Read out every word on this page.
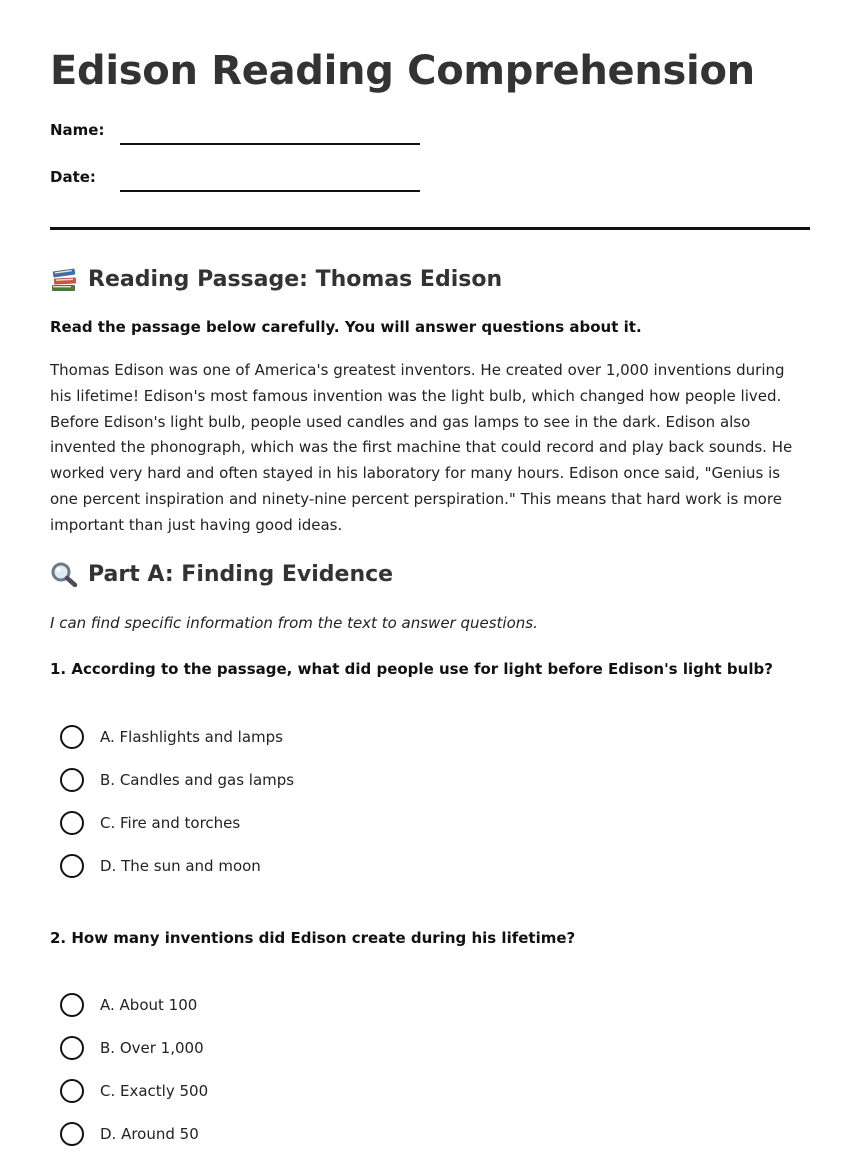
Edison Reading Comprehension
Name:
Date:
Reading Passage: Thomas Edison
Read the passage below carefully. You will answer questions about it.

Thomas Edison was one of America's greatest inventors. He created over 1,000 inventions during his lifetime! Edison's most famous invention was the light bulb, which changed how people lived. Before Edison's light bulb, people used candles and gas lamps to see in the dark. Edison also invented the phonograph, which was the first machine that could record and play back sounds. He worked very hard and often stayed in his laboratory for many hours. Edison once said, "Genius is one percent inspiration and ninety-nine percent perspiration." This means that hard work is more important than just having good ideas.

Part A: Finding Evidence
I can find specific information from the text to answer questions.
1. According to the passage, what did people use for light before Edison's light bulb?
A. Flashlights and lamps
B. Candles and gas lamps
C. Fire and torches
D. The sun and moon
2. How many inventions did Edison create during his lifetime?
A. About 100
B. Over 1,000
C. Exactly 500
D. Around 50
